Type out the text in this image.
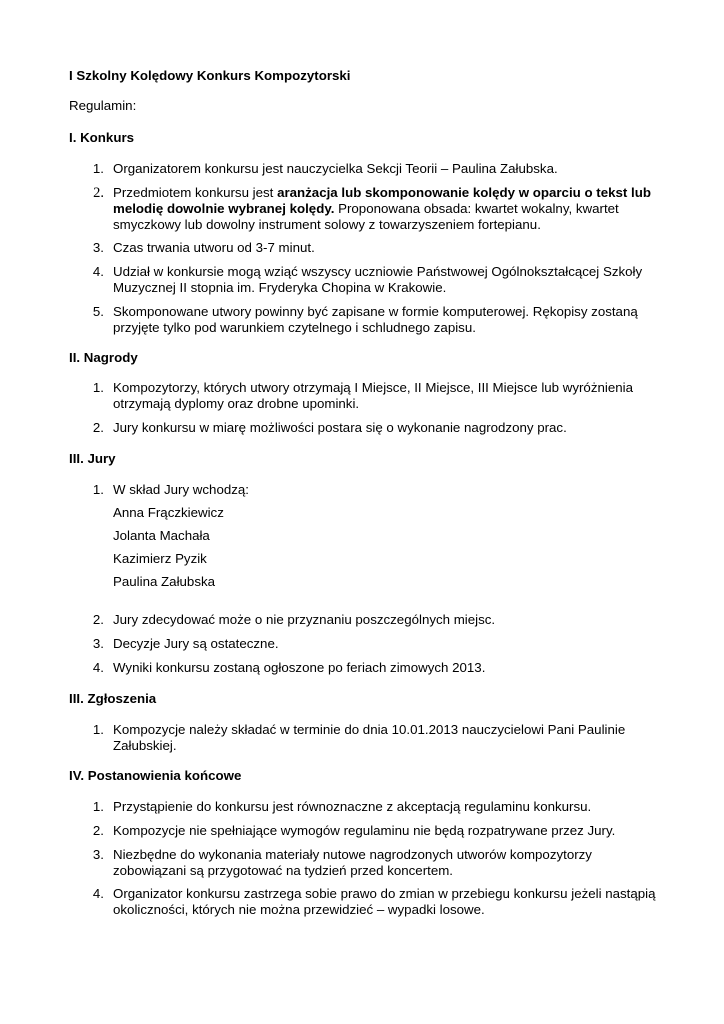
I Szkolny Kolędowy Konkurs Kompozytorski
Regulamin:
I. Konkurs
1. Organizatorem konkursu jest nauczycielka Sekcji Teorii – Paulina Załubska.
2. Przedmiotem konkursu jest aranżacja lub skomponowanie kolędy w oparciu o tekst lub melodię dowolnie wybranej kolędy. Proponowana obsada: kwartet wokalny, kwartet smyczkowy lub dowolny instrument solowy z towarzyszeniem fortepianu.
3. Czas trwania utworu od 3-7 minut.
4. Udział w konkursie mogą wziąć wszyscy uczniowie Państwowej Ogólnokształcącej Szkoły Muzycznej II stopnia im. Fryderyka Chopina w Krakowie.
5. Skomponowane utwory powinny być zapisane w formie komputerowej. Rękopisy zostaną przyjęte tylko pod warunkiem czytelnego i schludnego zapisu.
II. Nagrody
1. Kompozytorzy, których utwory otrzymają I Miejsce, II Miejsce, III Miejsce lub wyróżnienia otrzymają dyplomy oraz drobne upominki.
2. Jury konkursu w miarę możliwości postara się o wykonanie nagrodzony prac.
III. Jury
1. W skład Jury wchodzą:
Anna Frączkiewicz
Jolanta Machała
Kazimierz Pyzik
Paulina Załubska
2. Jury zdecydować może o nie przyznaniu poszczególnych miejsc.
3. Decyzje Jury są ostateczne.
4. Wyniki konkursu zostaną ogłoszone po feriach zimowych 2013.
III. Zgłoszenia
1. Kompozycje należy składać w terminie do dnia 10.01.2013 nauczycielowi Pani Paulinie Załubskiej.
IV. Postanowienia końcowe
1. Przystąpienie do konkursu jest równoznaczne z akceptacją regulaminu konkursu.
2. Kompozycje nie spełniające wymogów regulaminu nie będą rozpatrywane przez Jury.
3. Niezbędne do wykonania materiały nutowe nagrodzonych utworów kompozytorzy zobowiązani są przygotować na tydzień przed koncertem.
4. Organizator konkursu zastrzega sobie prawo do zmian w przebiegu konkursu jeżeli nastąpią okoliczności, których nie można przewidzieć – wypadki losowe.
